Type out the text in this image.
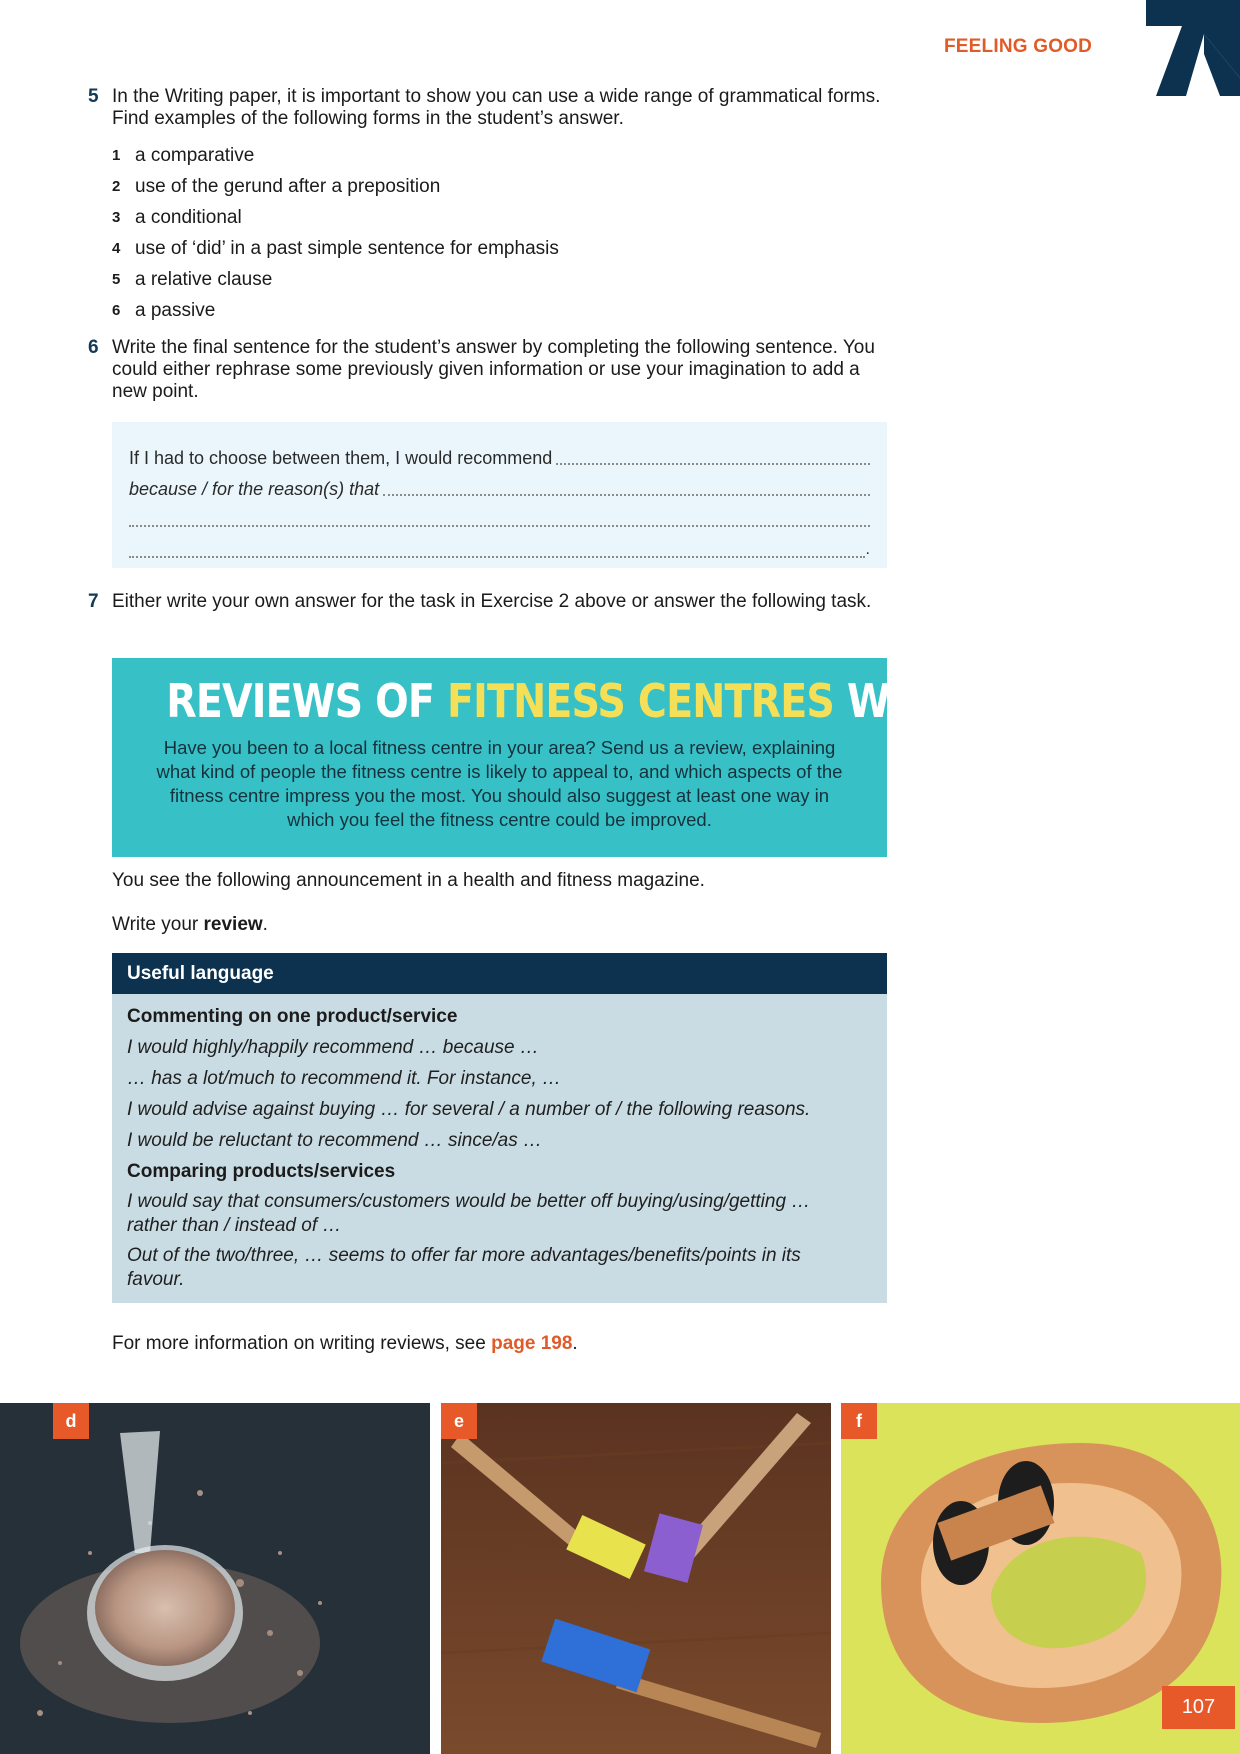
FEELING GOOD
5 In the Writing paper, it is important to show you can use a wide range of grammatical forms. Find examples of the following forms in the student’s answer.
1 a comparative
2 use of the gerund after a preposition
3 a conditional
4 use of ‘did’ in a past simple sentence for emphasis
5 a relative clause
6 a passive
6 Write the final sentence for the student’s answer by completing the following sentence. You could either rephrase some previously given information or use your imagination to add a new point.
If I had to choose between them, I would recommend
because / for the reason(s) that
.
7 Either write your own answer for the task in Exercise 2 above or answer the following task.
REVIEWS OF FITNESS CENTRES WANTED
Have you been to a local fitness centre in your area? Send us a review, explaining what kind of people the fitness centre is likely to appeal to, and which aspects of the fitness centre impress you the most. You should also suggest at least one way in which you feel the fitness centre could be improved.
You see the following announcement in a health and fitness magazine.
Write your review.
Useful language
Commenting on one product/service
I would highly/happily recommend … because …
… has a lot/much to recommend it. For instance, …
I would advise against buying … for several / a number of / the following reasons.
I would be reluctant to recommend … since/as …
Comparing products/services
I would say that consumers/customers would be better off buying/using/getting … rather than / instead of …
Out of the two/three, … seems to offer far more advantages/benefits/points in its favour.
For more information on writing reviews, see page 198.
d	e	f
107
